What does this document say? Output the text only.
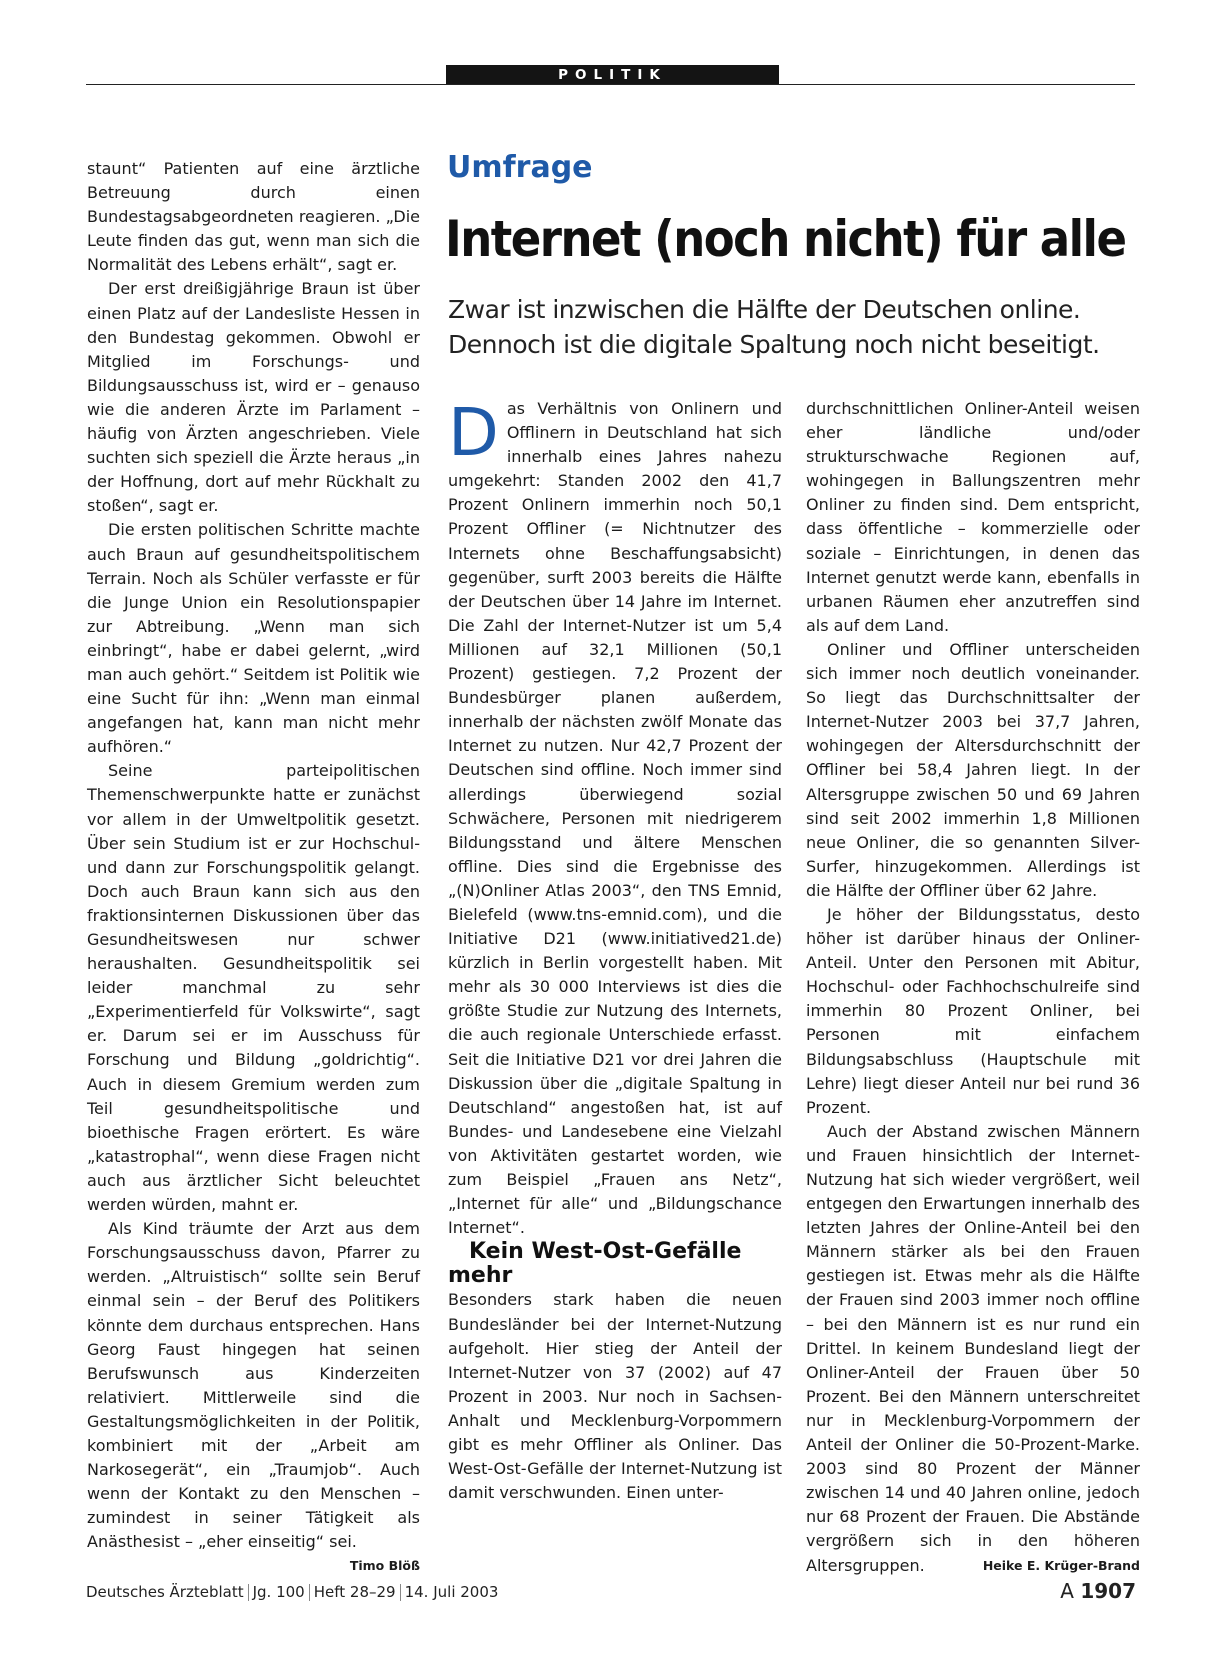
POLITIK

staunt“ Patienten auf eine ärztliche Betreuung durch einen Bundestagsabgeordneten reagieren. „Die Leute finden das gut, wenn man sich die Normalität des Lebens erhält“, sagt er.

Der erst dreißigjährige Braun ist über einen Platz auf der Landesliste Hessen in den Bundestag gekommen. Obwohl er Mitglied im Forschungs- und Bildungsausschuss ist, wird er – genauso wie die anderen Ärzte im Parlament – häufig von Ärzten angeschrieben. Viele suchten sich speziell die Ärzte heraus „in der Hoffnung, dort auf mehr Rückhalt zu stoßen“, sagt er.

Die ersten politischen Schritte machte auch Braun auf gesundheitspolitischem Terrain. Noch als Schüler verfasste er für die Junge Union ein Resolutionspapier zur Abtreibung. „Wenn man sich einbringt“, habe er dabei gelernt, „wird man auch gehört.“ Seitdem ist Politik wie eine Sucht für ihn: „Wenn man einmal angefangen hat, kann man nicht mehr aufhören.“

Seine parteipolitischen Themenschwerpunkte hatte er zunächst vor allem in der Umweltpolitik gesetzt. Über sein Studium ist er zur Hochschul- und dann zur Forschungspolitik gelangt. Doch auch Braun kann sich aus den fraktionsinternen Diskussionen über das Gesundheitswesen nur schwer heraushalten. Gesundheitspolitik sei leider manchmal zu sehr „Experimentierfeld für Volkswirte“, sagt er. Darum sei er im Ausschuss für Forschung und Bildung „goldrichtig“. Auch in diesem Gremium werden zum Teil gesundheitspolitische und bioethische Fragen erörtert. Es wäre „katastrophal“, wenn diese Fragen nicht auch aus ärztlicher Sicht beleuchtet werden würden, mahnt er.

Als Kind träumte der Arzt aus dem Forschungsausschuss davon, Pfarrer zu werden. „Altruistisch“ sollte sein Beruf einmal sein – der Beruf des Politikers könnte dem durchaus entsprechen. Hans Georg Faust hingegen hat seinen Berufswunsch aus Kinderzeiten relativiert. Mittlerweile sind die Gestaltungsmöglichkeiten in der Politik, kombiniert mit der „Arbeit am Narkosegerät“, ein „Traumjob“. Auch wenn der Kontakt zu den Menschen – zumindest in seiner Tätigkeit als Anästhesist – „eher einseitig“ sei.
Timo Blöß

Umfrage
Internet (noch nicht) für alle
Zwar ist inzwischen die Hälfte der Deutschen online. Dennoch ist die digitale Spaltung noch nicht beseitigt.

Das Verhältnis von Onlinern und Offlinern in Deutschland hat sich innerhalb eines Jahres nahezu umgekehrt: Standen 2002 den 41,7 Prozent Onlinern immerhin noch 50,1 Prozent Offliner (= Nichtnutzer des Internets ohne Beschaffungsabsicht) gegenüber, surft 2003 bereits die Hälfte der Deutschen über 14 Jahre im Internet. Die Zahl der Internet-Nutzer ist um 5,4 Millionen auf 32,1 Millionen (50,1 Prozent) gestiegen. 7,2 Prozent der Bundesbürger planen außerdem, innerhalb der nächsten zwölf Monate das Internet zu nutzen. Nur 42,7 Prozent der Deutschen sind offline. Noch immer sind allerdings überwiegend sozial Schwächere, Personen mit niedrigerem Bildungsstand und ältere Menschen offline. Dies sind die Ergebnisse des „(N)Onliner Atlas 2003“, den TNS Emnid, Bielefeld (www.tns-emnid.com), und die Initiative D21 (www.initiatived21.de) kürzlich in Berlin vorgestellt haben. Mit mehr als 30 000 Interviews ist dies die größte Studie zur Nutzung des Internets, die auch regionale Unterschiede erfasst. Seit die Initiative D21 vor drei Jahren die Diskussion über die „digitale Spaltung in Deutschland“ angestoßen hat, ist auf Bundes- und Landesebene eine Vielzahl von Aktivitäten gestartet worden, wie zum Beispiel „Frauen ans Netz“, „Internet für alle“ und „Bildungschance Internet“.

Kein West-Ost-Gefälle mehr

Besonders stark haben die neuen Bundesländer bei der Internet-Nutzung aufgeholt. Hier stieg der Anteil der Internet-Nutzer von 37 (2002) auf 47 Prozent in 2003. Nur noch in Sachsen-Anhalt und Mecklenburg-Vorpommern gibt es mehr Offliner als Onliner. Das West-Ost-Gefälle der Internet-Nutzung ist damit verschwunden. Einen unter-

durchschnittlichen Onliner-Anteil weisen eher ländliche und/oder strukturschwache Regionen auf, wohingegen in Ballungszentren mehr Onliner zu finden sind. Dem entspricht, dass öffentliche – kommerzielle oder soziale – Einrichtungen, in denen das Internet genutzt werde kann, ebenfalls in urbanen Räumen eher anzutreffen sind als auf dem Land.

Onliner und Offliner unterscheiden sich immer noch deutlich voneinander. So liegt das Durchschnittsalter der Internet-Nutzer 2003 bei 37,7 Jahren, wohingegen der Altersdurchschnitt der Offliner bei 58,4 Jahren liegt. In der Altersgruppe zwischen 50 und 69 Jahren sind seit 2002 immerhin 1,8 Millionen neue Onliner, die so genannten Silver-Surfer, hinzugekommen. Allerdings ist die Hälfte der Offliner über 62 Jahre.

Je höher der Bildungsstatus, desto höher ist darüber hinaus der Onliner-Anteil. Unter den Personen mit Abitur, Hochschul- oder Fachhochschulreife sind immerhin 80 Prozent Onliner, bei Personen mit einfachem Bildungsabschluss (Hauptschule mit Lehre) liegt dieser Anteil nur bei rund 36 Prozent.

Auch der Abstand zwischen Männern und Frauen hinsichtlich der Internet-Nutzung hat sich wieder vergrößert, weil entgegen den Erwartungen innerhalb des letzten Jahres der Online-Anteil bei den Männern stärker als bei den Frauen gestiegen ist. Etwas mehr als die Hälfte der Frauen sind 2003 immer noch offline – bei den Männern ist es nur rund ein Drittel. In keinem Bundesland liegt der Onliner-Anteil der Frauen über 50 Prozent. Bei den Männern unterschreitet nur in Mecklenburg-Vorpommern der Anteil der Onliner die 50-Prozent-Marke. 2003 sind 80 Prozent der Männer zwischen 14 und 40 Jahren online, jedoch nur 68 Prozent der Frauen. Die Abstände vergrößern sich in den höheren Altersgruppen.	Heike E. Krüger-Brand

Deutsches Ärzteblatt Jg. 100 Heft 28–29 14. Juli 2003	A 1907
